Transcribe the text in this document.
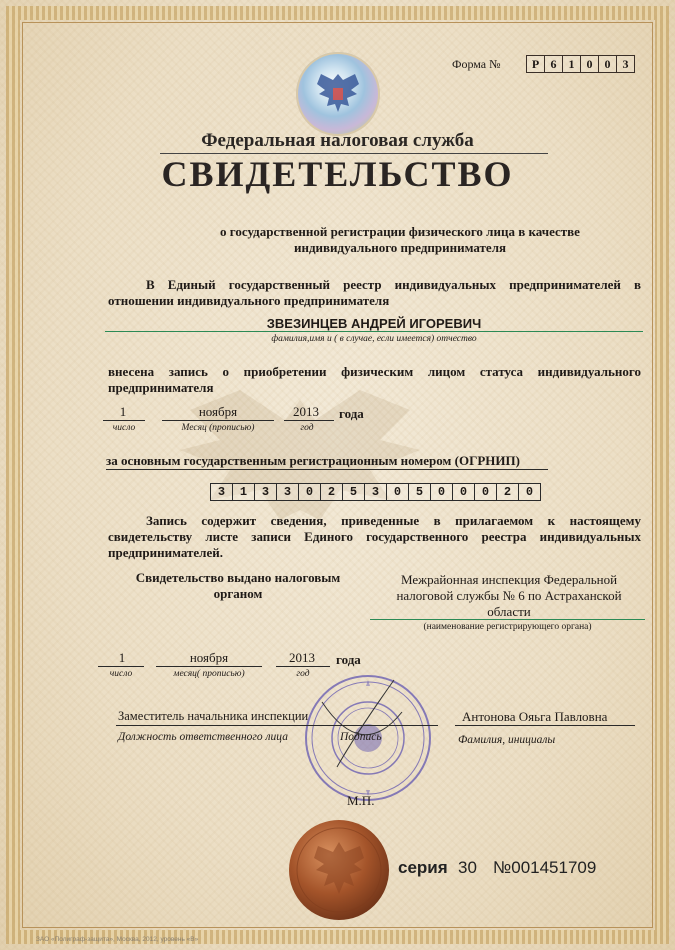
Форма №	Р 6	1	0	0	3
Федеральная налоговая служба
СВИДЕТЕЛЬСТВО
о государственной регистрации физического лица в качестве индивидуального предпринимателя
В Единый государственный реестр индивидуальных предпринимателей в отношении индивидуального предпринимателя
ЗВЕЗИНЦЕВ АНДРЕЙ ИГОРЕВИЧ
фамилия,имя и ( в случае, если имеется) отчество
внесена запись о приобретении физическим лицом статуса индивидуального предпринимателя
1
число
ноября
Месяц (прописью)
2013
год
года
за основным государственным регистрационным номером (ОГРНИП)
3	1	3	3	0	2	5	3	0	5	0	0	0	2	0
Запись содержит сведения, приведенные в прилагаемом к настоящему свидетельству листе записи Единого государственного реестра индивидуальных предпринимателей.
Свидетельство выдано налоговым органом
Межрайонная инспекция Федеральной налоговой службы № 6 по Астраханской области
(наименование регистрирующего органа)
1
число
ноября
месяц( прописью)
2013
год
года
Заместитель начальника инспекции
Должность ответственного лица	Подпись
Антонова Ояьга Павловна
Фамилия, инициалы
М.П.
серия 30 №001451709
ЗАО «Полиграф-защита», Москва, 2012, уровень «В»
